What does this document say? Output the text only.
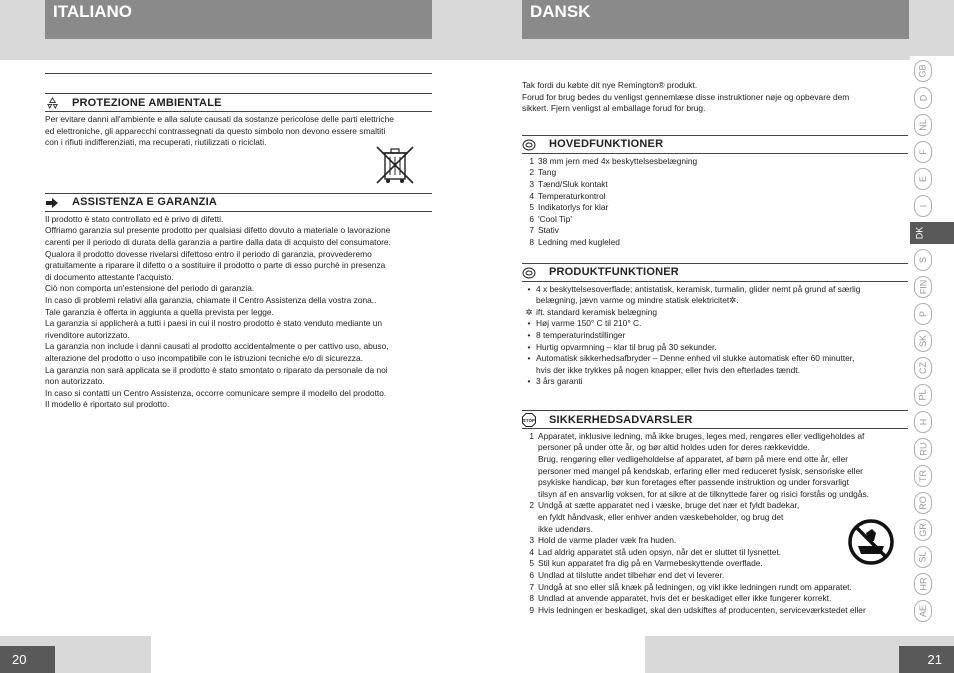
ITALIANO	DANSK
PROTEZIONE AMBIENTALE

Per evitare danni all'ambiente e alla salute causati da sostanze pericolose delle parti elettriche

ed elettroniche, gli apparecchi contrassegnati da questo simbolo non devono essere smaltiti

con i rifiuti indifferenziati, ma recuperati, riutilizzati o riciclati.

ASSISTENZA E GARANZIA

Il prodotto è stato controllato ed è privo di difetti.

Offriamo garanzia sul presente prodotto per qualsiasi difetto dovuto a materiale o lavorazione

carenti per il periodo di durata della garanzia a partire dalla data di acquisto del consumatore.

Qualora il prodotto dovesse rivelarsi difettoso entro il periodo di garanzia, provvederemo

gratuitamente a riparare il difetto o a sostituire il prodotto o parte di esso purchè in presenza

di documento attestante l'acquisto.

Ciò non comporta un'estensione del periodo di garanzia.

In caso di problemi relativi alla garanzia, chiamate il Centro Assistenza della vostra zona..

Tale garanzia è offerta in aggiunta a quella prevista per legge.

La garanzia si applicherà a tutti i paesi in cui il nostro prodotto è stato venduto mediante un

rivenditore autorizzato.

La garanzia non include i danni causati al prodotto accidentalmente o per cattivo uso, abuso,

alterazione del prodotto o uso incompatibile con le istruzioni tecniche e/o di sicurezza.

La garanzia non sarà applicata se il prodotto è stato smontato o riparato da personale da noi

non autorizzato.

In caso si contatti un Centro Assistenza, occorre comunicare sempre il modello del prodotto.

Il modello è riportato sul prodotto.

Tak fordi du købte dit nye Remington® produkt.

Forud for brug bedes du venligst gennemlæse disse instruktioner nøje og opbevare dem

sikkert. Fjern venligst al emballage forud for brug.

HOVEDFUNKTIONER
1 38 mm jern med 4x beskyttelsesbelægning
2 Tang
3 Tænd/Sluk kontakt
4 Temperaturkontrol
5 Indikatorlys for klar
6 'Cool Tip'
7 Stativ
8 Ledning med kugleled
PRODUKTFUNKTIONER
• 4 x beskyttelsesoverflade; antistatisk, keramisk, turmalin, glider nemt på grund af særlig

belægning, jævn varme og mindre statisk elektricitet✲.

✲ ift. standard keramisk belægning

• Høj varme 150° C til 210° C.

• 8 temperaturindstillinger

• Hurtig opvarmning – klar til brug på 30 sekunder.

• Automatisk sikkerhedsafbryder – Denne enhed vil slukke automatisk efter 60 minutter,

hvis der ikke trykkes på nogen knapper, eller hvis den efterlades tændt.

• 3 års garanti

STOP SIKKERHEDSADVARSLER
1 Apparatet, inklusive ledning, må ikke bruges, leges med, rengøres eller vedligeholdes af

personer på under otte år, og bør altid holdes uden for deres rækkevidde.

Brug, rengøring eller vedligeholdelse af apparatet, af børn på mere end otte år, eller

personer med mangel på kendskab, erfaring eller med reduceret fysisk, sensoriske eller

psykiske handicap, bør kun foretages efter passende instruktion og under forsvarligt

tilsyn af en ansvarlig voksen, for at sikre at de tilknyttede farer og risici forstås og undgås.

2 Undgå at sætte apparatet ned i væske, bruge det nær et fyldt badekar,

en fyldt håndvask, eller enhver anden væskebeholder, og brug det

ikke udendørs.

3 Hold de varme plader væk fra huden.

4 Lad aldrig apparatet stå uden opsyn, når det er sluttet til lysnettet.

5 Stil kun apparatet fra dig på en Varmebeskyttende overflade.

6 Undlad at tilslutte andet tilbehør end det vi leverer.

7 Undgå at sno eller slå knæk på ledningen, og vikl ikke ledningen rundt om apparatet.

8 Undlad at anvende apparatet, hvis det er beskadiget eller ikke fungerer korrekt.

9 Hvis ledningen er beskadiget, skal den udskiftes af producenten, serviceværkstedet eller

GB
D
NL
F
E
I
DK
S
FIN
P
SK
CZ
PL
H
RU
TR
RO
GR
SL
HR
AE
20	21
